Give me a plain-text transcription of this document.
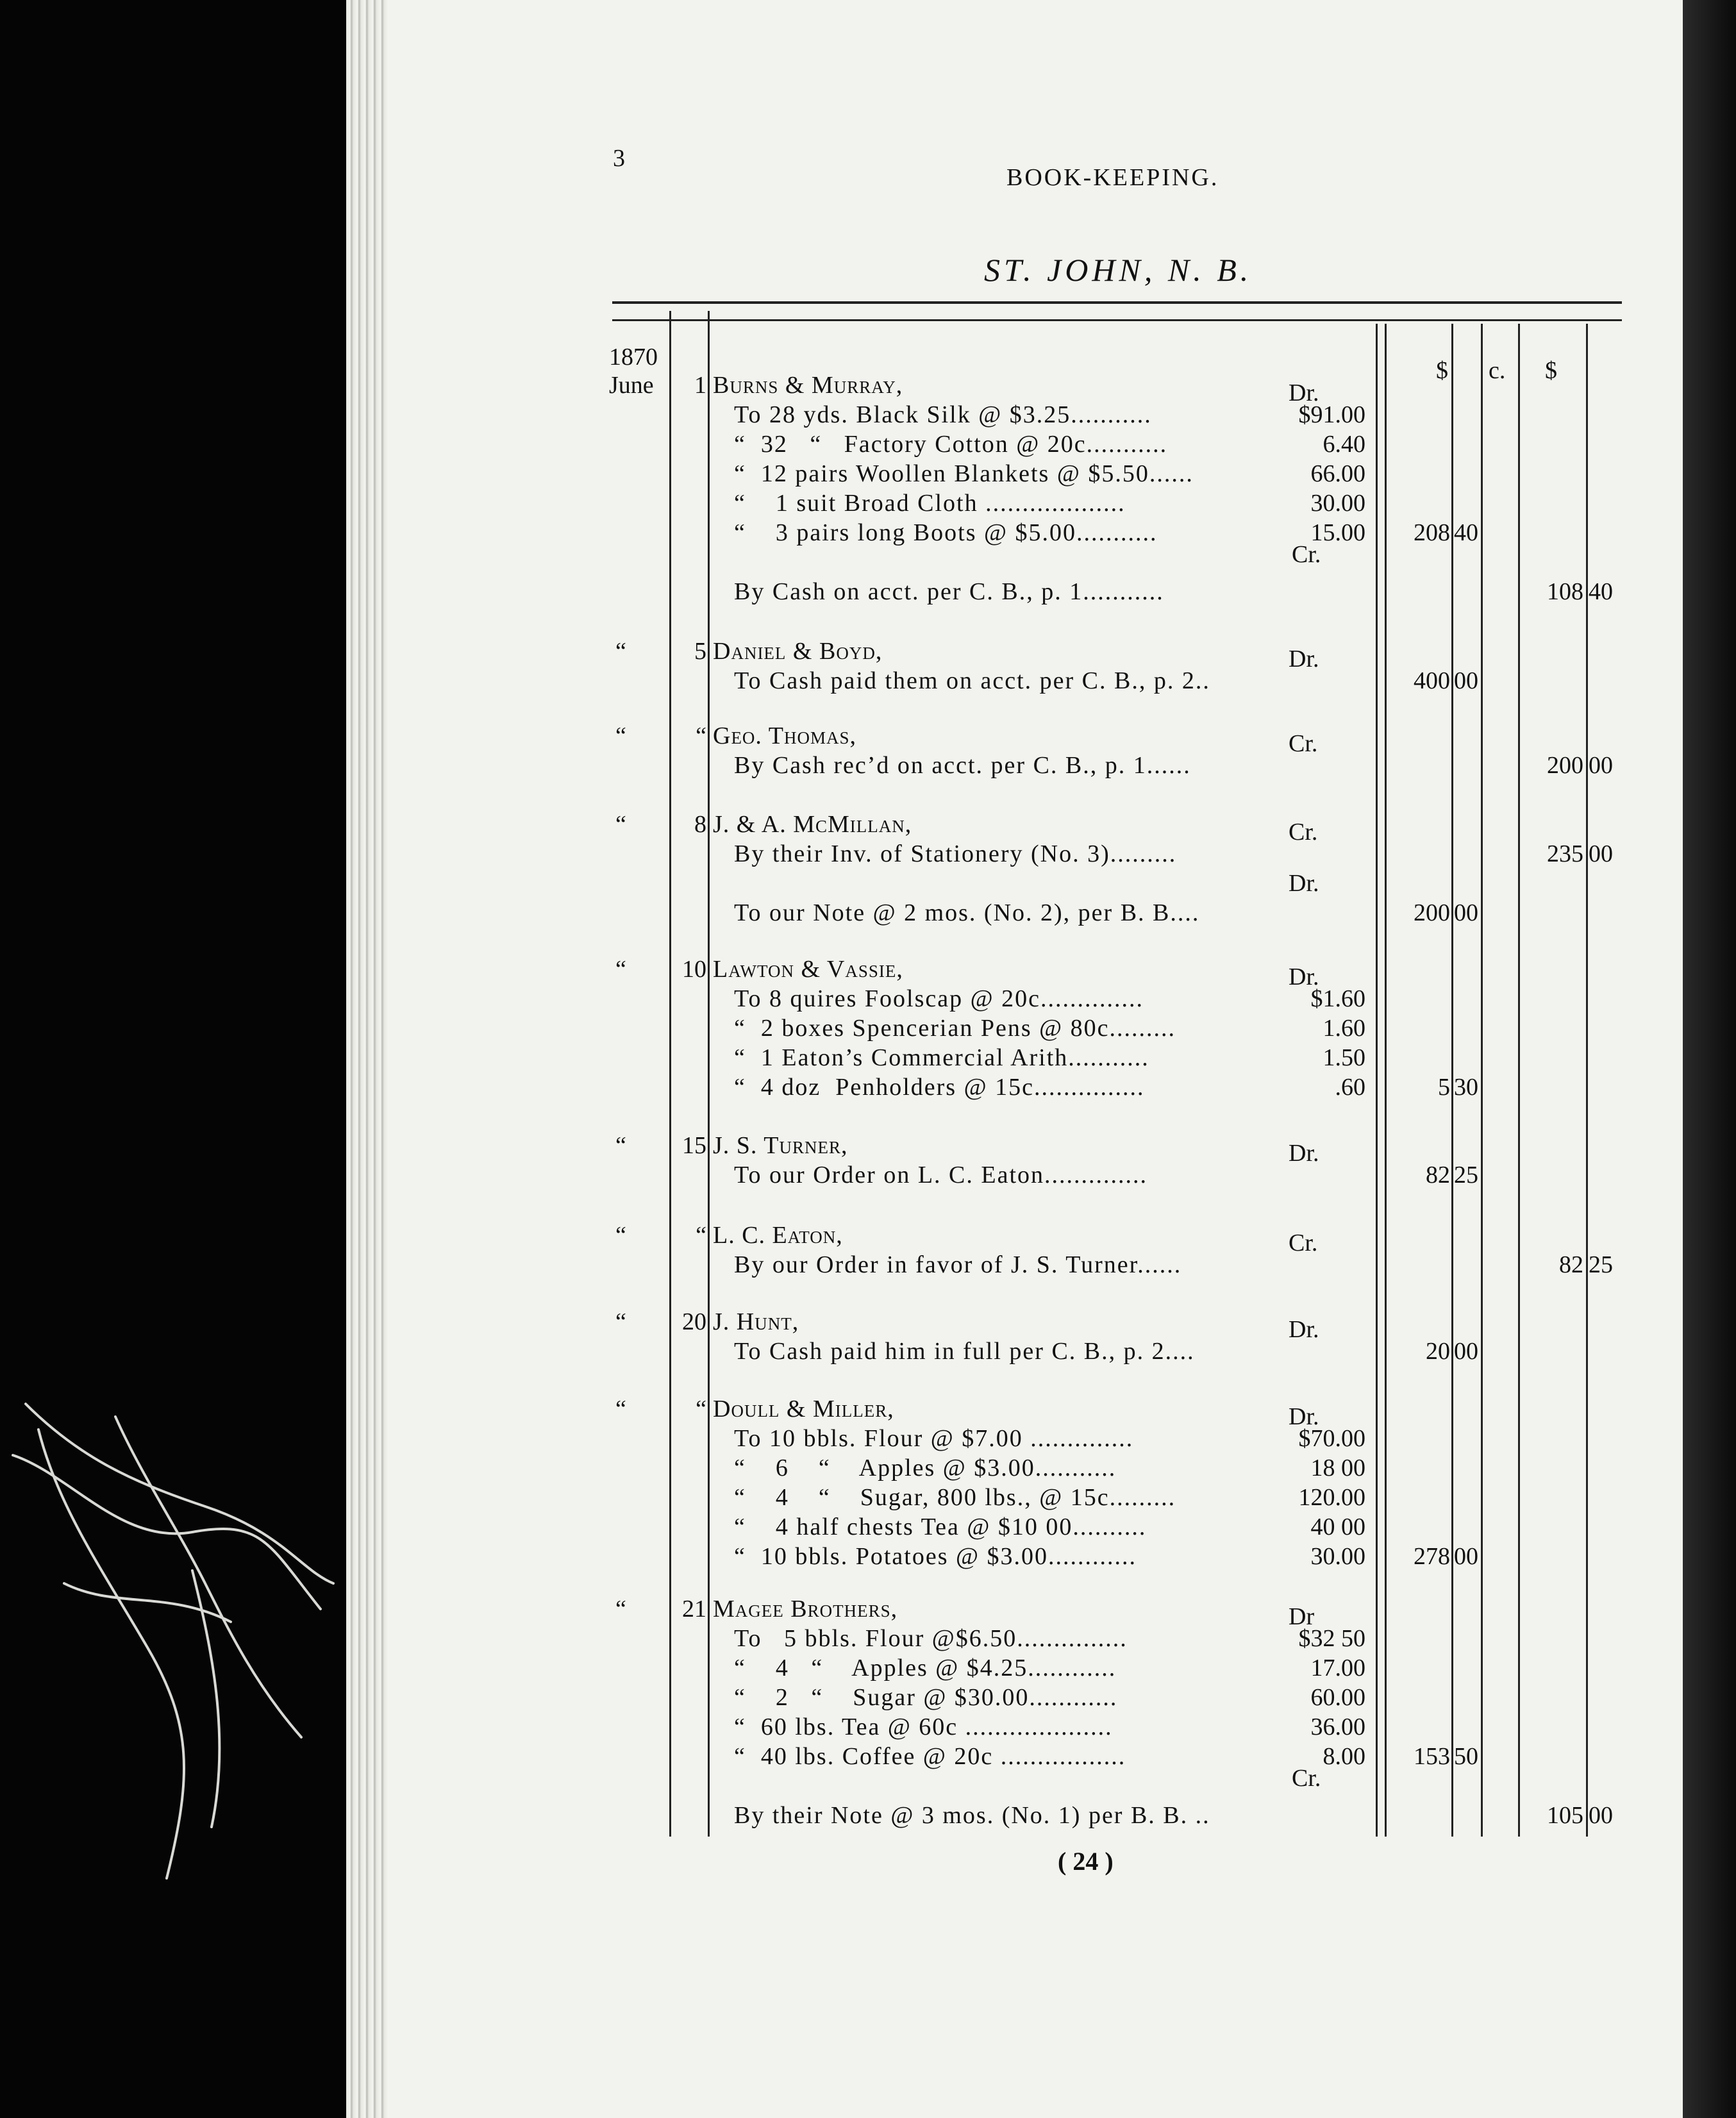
3
BOOK-KEEPING.
ST. JOHN, N. B.
$ c. $
1870
June	1 Burns & Murray,	Dr.
To 28 yds. Black Silk @ $3.25...........	$91.00
“  32   “   Factory Cotton @ 20c...........	6.40
“  12 pairs Woollen Blankets @ $5.50......	66.00
“    1 suit Broad Cloth ...................	30.00
“    3 pairs long Boots @ $5.00...........	15.00	208 40
Cr.
By Cash on acct. per C. B., p. 1...........	108 40
“	5 Daniel & Boyd,	Dr.
To Cash paid them on acct. per C. B., p. 2..	400 00
“	“ Geo. Thomas,	Cr.
By Cash rec’d on acct. per C. B., p. 1......	200 00
“	8 J. & A. McMillan,	Cr.
By their Inv. of Stationery (No. 3).........	235 00
Dr.
To our Note @ 2 mos. (No. 2), per B. B....	200 00
“ 10 Lawton & Vassie,	Dr.
To 8 quires Foolscap @ 20c..............	$1.60
“  2 boxes Spencerian Pens @ 80c.........	1.60
“  1 Eaton’s Commercial Arith...........	1.50
“  4 doz  Penholders @ 15c...............	.60	5 30
“ 15 J. S. Turner,	Dr.
To our Order on L. C. Eaton..............	82 25
“	“ L. C. Eaton,	Cr.
By our Order in favor of J. S. Turner......	82 25
“ 20 J. Hunt,	Dr.
To Cash paid him in full per C. B., p. 2....	20 00
“	“ Doull & Miller,	Dr.
To 10 bbls. Flour @ $7.00 ..............	$70.00
“    6    “    Apples @ $3.00...........	18 00
“    4    “    Sugar, 800 lbs., @ 15c.........	120.00
“    4 half chests Tea @ $10 00..........	40 00
“  10 bbls. Potatoes @ $3.00............	30.00	278 00
“ 21 Magee Brothers,	Dr
To   5 bbls. Flour @$6.50...............	$32 50
“    4   “    Apples @ $4.25............	17.00
“    2   “    Sugar @ $30.00............	60.00
“  60 lbs. Tea @ 60c ....................	36.00
“  40 lbs. Coffee @ 20c .................	8.00	153 50
Cr.
By their Note @ 3 mos. (No. 1) per B. B. ..	105 00
( 24 )
